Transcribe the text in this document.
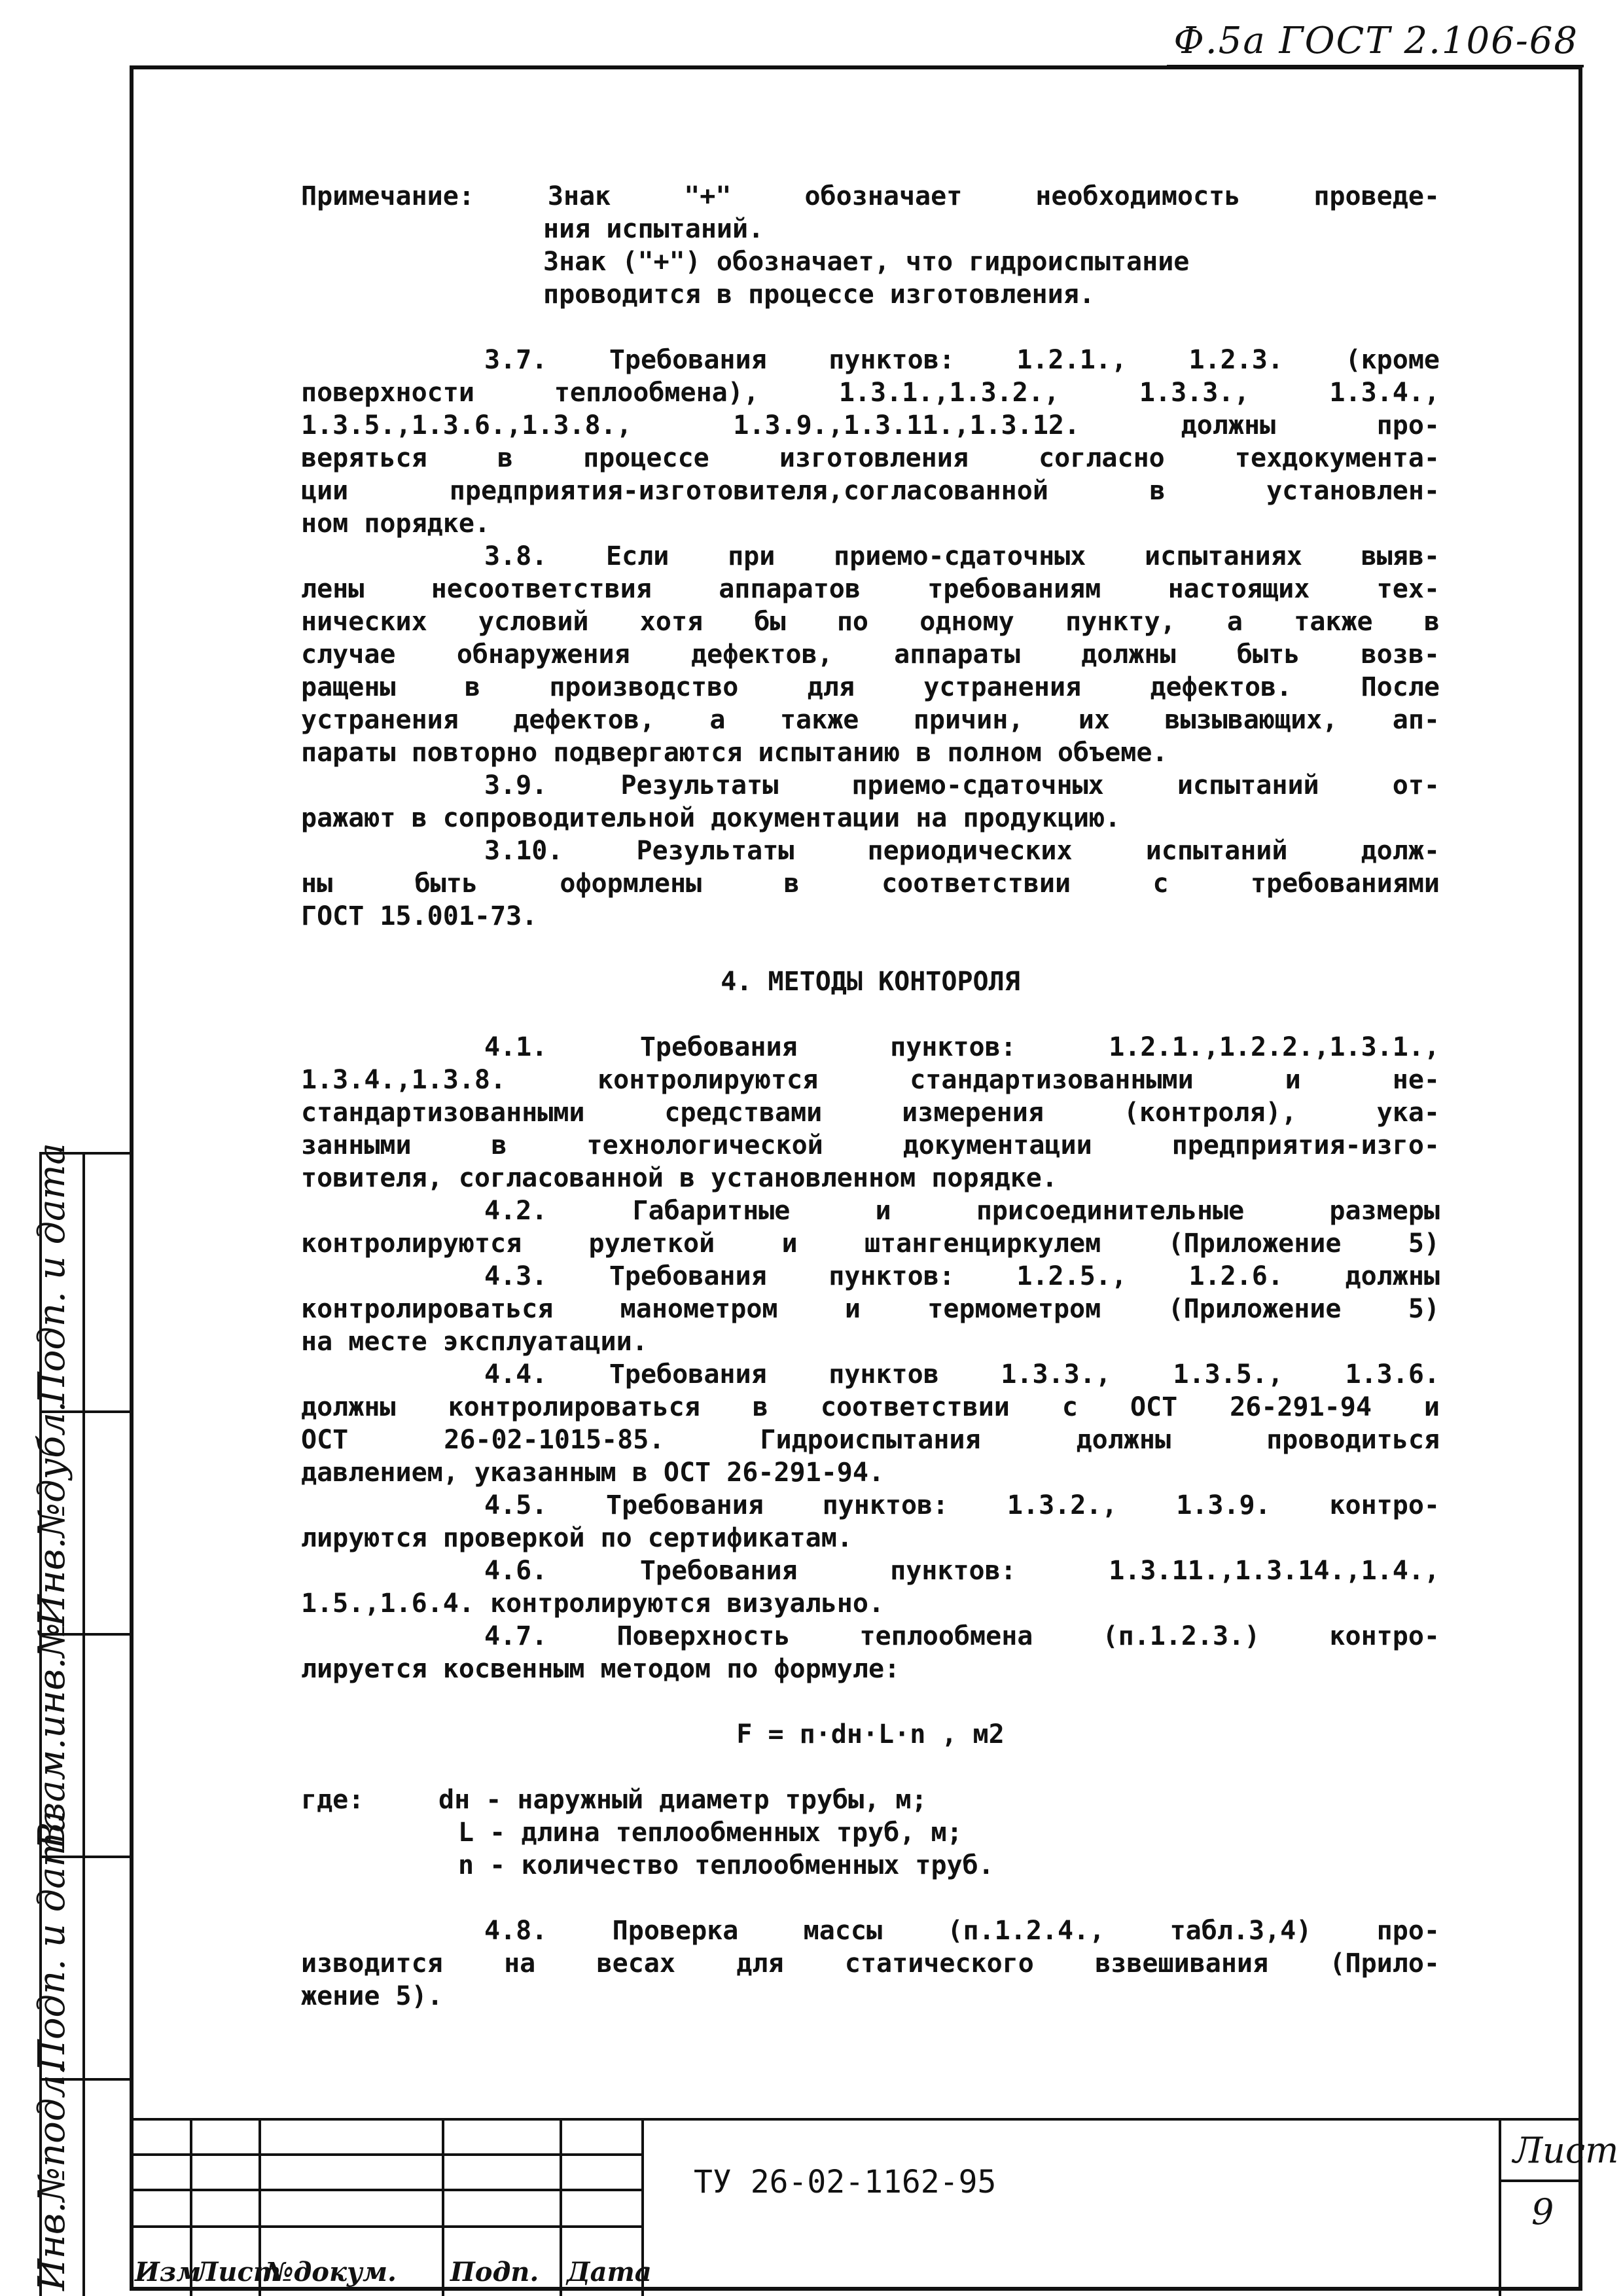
Ф.5а ГОСТ 2.106-68

Примечание:	Знак "+" обозначает необходимость проведе-

ния испытаний.

Знак ("+") обозначает, что гидроиспытание

проводится в процессе изготовления.

3.7. Требования пунктов: 1.2.1., 1.2.3. (кроме

поверхности теплообмена), 1.3.1.,1.3.2., 1.3.3., 1.3.4.,

1.3.5.,1.3.6.,1.3.8., 1.3.9.,1.3.11.,1.3.12. должны про-

веряться в процессе изготовления согласно техдокумента-

ции предприятия-изготовителя,согласованной в установлен-

ном порядке.

3.8. Если при приемо-сдаточных испытаниях выяв-

лены несоответствия аппаратов требованиям настоящих тех-

нических условий хотя бы по одному пункту, а также в

случае обнаружения дефектов, аппараты должны быть возв-

ращены в производство для устранения дефектов. После

устранения дефектов, а также причин, их вызывающих, ап-

параты повторно подвергаются испытанию в полном объеме.

3.9. Результаты приемо-сдаточных испытаний от-

ражают в сопроводительной документации на продукцию.

3.10. Результаты периодических испытаний долж-

ны быть оформлены в соответствии с требованиями

ГОСТ 15.001-73.

4. МЕТОДЫ КОНТОРОЛЯ

4.1. Требования пунктов: 1.2.1.,1.2.2.,1.3.1.,

1.3.4.,1.3.8. контролируются стандартизованными и не-

стандартизованными средствами измерения (контроля), ука-

занными в технологической документации предприятия-изго-

товителя, согласованной в установленном порядке.

4.2. Габаритные и присоединительные размеры

контролируются рулеткой и штангенциркулем (Приложение 5)

4.3. Требования пунктов: 1.2.5., 1.2.6. должны

контролироваться манометром и термометром (Приложение 5)

на месте эксплуатации.

4.4. Требования пунктов 1.3.3., 1.3.5., 1.3.6.

должны контролироваться в соответствии с ОСТ 26-291-94 и

ОСТ 26-02-1015-85. Гидроиспытания должны проводиться

давлением, указанным в ОСТ 26-291-94.

4.5. Требования пунктов: 1.3.2., 1.3.9. контро-

лируются проверкой по сертификатам.

4.6. Требования пунктов: 1.3.11.,1.3.14.,1.4.,

1.5.,1.6.4. контролируются визуально.

4.7. Поверхность теплообмена (п.1.2.3.) контро-

лируется косвенным методом по формуле:

F = п·dн·L·n , м2

где:	dн - наружный диаметр трубы, м;

L - длина теплообменных труб, м;

n - количество теплообменных труб.

4.8. Проверка массы (п.1.2.4., табл.3,4) про-

изводится на весах для статического взвешивания (Прило-

жение 5).

Инв.№подл.
Подп. и дата
Взам.инв.№
Инв.№дубл.
Подп. и дата
Изм
Лист
№докум. Подп. Дата
ТУ 26-02-1162-95
Лист
9
